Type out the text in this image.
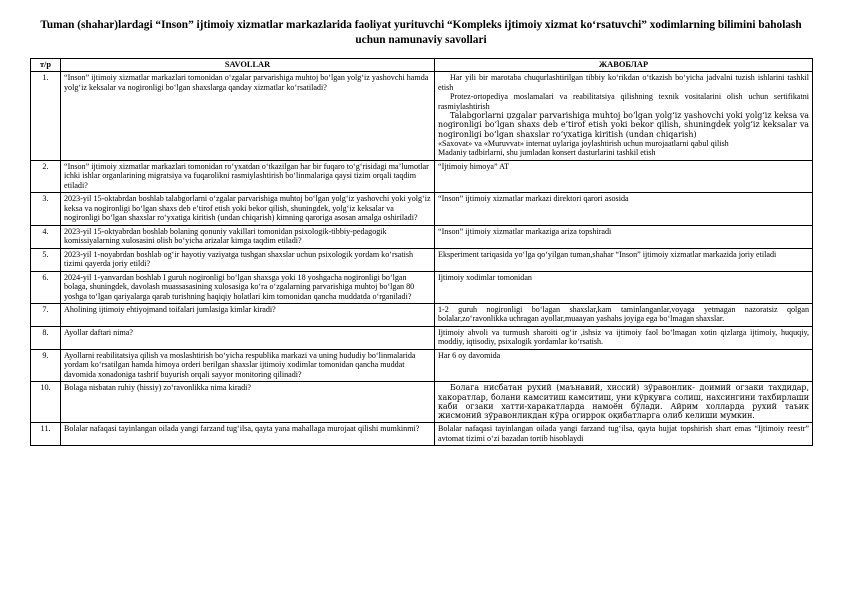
Tuman (shahar)lardagi “Inson” ijtimoiy xizmatlar markazlarida faoliyat yurituvchi “Kompleks ijtimoiy xizmat ko‘rsatuvchi” xodimlarning bilimini baholash uchun namunaviy savollari
т/р	SAVOLLAR	ЖАВОБЛАР
1.	“Inson” ijtimoiy xizmatlar markazlari tomonidan o‘zgalar parvarishiga muhtoj bo‘lgan yolg‘iz yashovchi hamda yolg‘iz keksalar va nogironligi bo‘lgan shaxslarga qanday xizmatlar ko‘rsatiladi?	Har yili bir marotaba chuqurlashtirilgan tibbiy ko‘rikdan o‘tkazish bo‘yicha jadvalni tuzish ishlarini tashkil etish

Protez-ortopediya moslamalari va reabilitatsiya qilishning texnik vositalarini olish uchun sertifikatni rasmiylashtirish

Talabgorlarni џzgalar parvarishiga muhtoj bo‘lgan yolg‘iz yashovchi yoki yolg‘iz keksa va nogironligi bo‘lgan shaxs deb e’tirof etish yoki bekor qilish, shuningdek yolg‘iz keksalar va nogironligi bo‘lgan shaxslar ro‘yxatiga kiritish (undan chiqarish)

«Saxovat» va «Muruvvat» internat uylariga joylashtirish uchun murojaatlarni qabul qilish

Madaniy tadbirlarni, shu jumladan konsert dasturlarini tashkil etish

2.	“Inson” ijtimoiy xizmatlar markazlari tomonidan ro‘yxatdan o‘tkazilgan har bir fuqaro to‘g‘risidagi ma’lumotlar ichki ishlar organlarining migratsiya va fuqarolikni rasmiylashtirish bo‘linmalariga qaysi tizim orqali taqdim etiladi?	“Ijtimoiy himoya” AT

3.	2023-yil 15-oktabrdan boshlab talabgorlarni o‘zgalar parvarishiga muhtoj bo‘lgan yolg‘iz yashovchi yoki yolg‘iz keksa va nogironligi bo‘lgan shaxs deb e’tirof etish yoki bekor qilish, shuningdek, yolg‘iz keksalar va nogironligi bo‘lgan shaxslar ro‘yxatiga kiritish (undan chiqarish) kimning qaroriga asosan amalga oshiriladi?	“Inson” ijtimoiy xizmatlar markazi direktori qarori asosida

4.	2023-yil 15-oktyabrdan boshlab bolaning qonuniy vakillari tomonidan psixologik-tibbiy-pedagogik komissiyalarning xulosasini olish bo‘yicha arizalar kimga taqdim etiladi?	“Inson” ijtimoiy xizmatlar markaziga ariza topshiradi

5.	2023-yil 1-noyabrdan boshlab og‘ir hayotiy vaziyatga tushgan shaxslar uchun psixologik yordam ko‘rsatish tizimi qayerda joriy etildi?	Eksperiment tariqasida yo‘lga qo‘yilgan tuman,shahar “Inson” ijtimoiy xizmatlar markazida joriy etiladi

6.	2024-yil 1-yanvardan boshlab I guruh nogironligi bo‘lgan shaxsga yoki 18 yoshgacha nogironligi bo‘lgan bolaga, shuningdek, davolash muassasasining xulosasiga ko‘ra o‘zgalarning parvarishiga muhtoj bo‘lgan 80 yoshga to‘lgan qariyalarga qarab turishning haqiqiy holatlari kim tomonidan qancha muddatda o‘rganiladi?	Ijtimoiy xodimlar tomonidan

7.	Aholining ijtimoiy ehtiyojmand toifalari jumlasiga kimlar kiradi?	1-2 guruh nogironligi bo‘lagan shaxslar,kam taminlanganlar,voyaga yetmagan nazoratsiz qolgan bolalar,zo‘ravonlikka uchragan ayollar,muaayan yashahs joyiga ega bo‘lmagan shaxslar.

8.	Ayollar daftari nima?	Ijtimoiy ahvoli va turmush sharoiti og‘ir ,ishsiz va ijtimoiy faol bo‘lmagan xotin qizlarga ijtimoiy, huquqiy, moddiy, iqtisodiy, psixalogik yordamlar ko‘rsatish.

9.	Ayollarni reabilitatsiya qilish va moslashtirish bo‘yicha respublika markazi va uning hududiy bo‘linmalarida yordam ko‘rsatilgan hamda himoya orderi berilgan shaxslar ijtimoiy xodimlar tomonidan qancha muddat davomida xonadoniga tashrif buyurish orqali sayyor monitoring qilinadi?	Har 6 oy davomida

10.	Bolaga nisbatan ruhiy (hissiy) zo‘ravonlikka nima kiradi?	Болага нисбатан рухий (маънавий, хиссий) зўравонлик- доимий огзаки тахдидар, хакоратлар, болани камситиш камситиш, уни кўрқувга солиш, нахсингини тахбирлаши каби огзаки хатти-харакатларда намоён бўлади. Айрим холларда рухий таъик жисмоний зўравонликдан кўра огиррок оқибатларга олиб келиши мумкин.

11.	Bolalar nafaqasi tayinlangan oilada yangi farzand tug‘ilsa, qayta yana mahallaga murojaat qilishi mumkinmi?	Bolalar nafaqasi tayinlangan oilada yangi farzand tug‘ilsa, qayta hujjat topshirish shart emas “Ijtimoiy reestr” avtomat tizimi o‘zi bazadan tortib hisoblaydi
